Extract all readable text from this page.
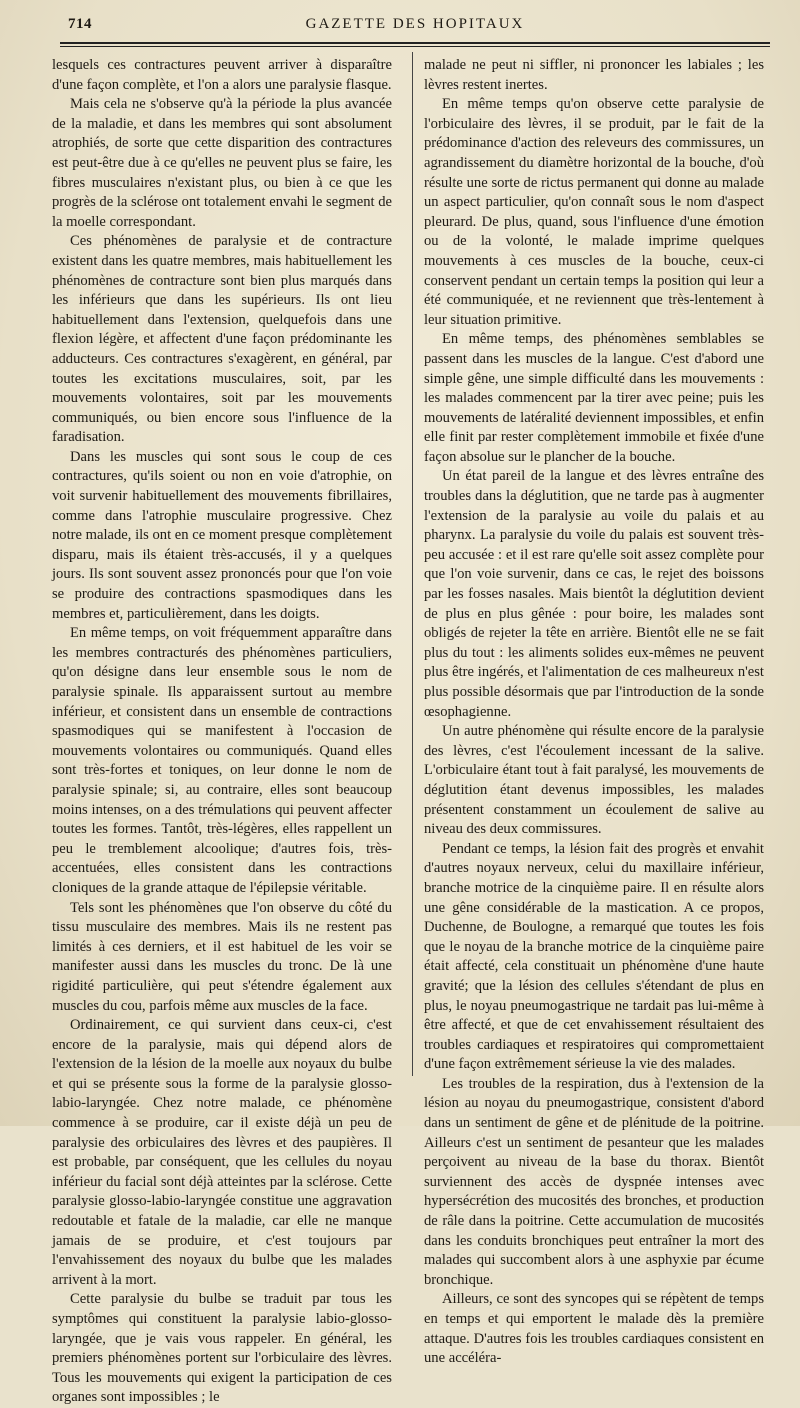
714	GAZETTE DES HOPITAUX

lesquels ces contractures peuvent arriver à disparaître d'une façon complète, et l'on a alors une paralysie flasque.

Mais cela ne s'observe qu'à la période la plus avancée de la maladie, et dans les membres qui sont absolument atrophiés, de sorte que cette disparition des contractures est peut-être due à ce qu'elles ne peuvent plus se faire, les fibres musculaires n'existant plus, ou bien à ce que les progrès de la sclérose ont totalement envahi le segment de la moelle correspondant.

Ces phénomènes de paralysie et de contracture existent dans les quatre membres, mais habituellement les phénomènes de contracture sont bien plus marqués dans les inférieurs que dans les supérieurs. Ils ont lieu habituellement dans l'extension, quelquefois dans une flexion légère, et affectent d'une façon prédominante les adducteurs. Ces contractures s'exagèrent, en général, par toutes les excitations musculaires, soit, par les mouvements volontaires, soit par les mouvements communiqués, ou bien encore sous l'influence de la faradisation.

Dans les muscles qui sont sous le coup de ces contractures, qu'ils soient ou non en voie d'atrophie, on voit survenir habituellement des mouvements fibrillaires, comme dans l'atrophie musculaire progressive. Chez notre malade, ils ont en ce moment presque complètement disparu, mais ils étaient très-accusés, il y a quelques jours. Ils sont souvent assez prononcés pour que l'on voie se produire des contractions spasmodiques dans les membres et, particulièrement, dans les doigts.

En même temps, on voit fréquemment apparaître dans les membres contracturés des phénomènes particuliers, qu'on désigne dans leur ensemble sous le nom de paralysie spinale. Ils apparaissent surtout au membre inférieur, et consistent dans un ensemble de contractions spasmodiques qui se manifestent à l'occasion de mouvements volontaires ou communiqués. Quand elles sont très-fortes et toniques, on leur donne le nom de paralysie spinale; si, au contraire, elles sont beaucoup moins intenses, on a des trémulations qui peuvent affecter toutes les formes. Tantôt, très-légères, elles rappellent un peu le tremblement alcoolique; d'autres fois, très-accentuées, elles consistent dans les contractions cloniques de la grande attaque de l'épilepsie véritable.

Tels sont les phénomènes que l'on observe du côté du tissu musculaire des membres. Mais ils ne restent pas limités à ces derniers, et il est habituel de les voir se manifester aussi dans les muscles du tronc. De là une rigidité particulière, qui peut s'étendre également aux muscles du cou, parfois même aux muscles de la face.

Ordinairement, ce qui survient dans ceux-ci, c'est encore de la paralysie, mais qui dépend alors de l'extension de la lésion de la moelle aux noyaux du bulbe et qui se présente sous la forme de la paralysie glosso-labio-laryngée. Chez notre malade, ce phénomène commence à se produire, car il existe déjà un peu de paralysie des orbiculaires des lèvres et des paupières. Il est probable, par conséquent, que les cellules du noyau inférieur du facial sont déjà atteintes par la sclérose. Cette paralysie glosso-labio-laryngée constitue une aggravation redoutable et fatale de la maladie, car elle ne manque jamais de se produire, et c'est toujours par l'envahissement des noyaux du bulbe que les malades arrivent à la mort.

Cette paralysie du bulbe se traduit par tous les symptômes qui constituent la paralysie labio-glosso-laryngée, que je vais vous rappeler. En général, les premiers phénomènes portent sur l'orbiculaire des lèvres. Tous les mouvements qui exigent la participation de ces organes sont impossibles ; le

malade ne peut ni siffler, ni prononcer les labiales ; les lèvres restent inertes.

En même temps qu'on observe cette paralysie de l'orbiculaire des lèvres, il se produit, par le fait de la prédominance d'action des releveurs des commissures, un agrandissement du diamètre horizontal de la bouche, d'où résulte une sorte de rictus permanent qui donne au malade un aspect particulier, qu'on connaît sous le nom d'aspect pleurard. De plus, quand, sous l'influence d'une émotion ou de la volonté, le malade imprime quelques mouvements à ces muscles de la bouche, ceux-ci conservent pendant un certain temps la position qui leur a été communiquée, et ne reviennent que très-lentement à leur situation primitive.

En même temps, des phénomènes semblables se passent dans les muscles de la langue. C'est d'abord une simple gêne, une simple difficulté dans les mouvements : les malades commencent par la tirer avec peine; puis les mouvements de latéralité deviennent impossibles, et enfin elle finit par rester complètement immobile et fixée d'une façon absolue sur le plancher de la bouche.

Un état pareil de la langue et des lèvres entraîne des troubles dans la déglutition, que ne tarde pas à augmenter l'extension de la paralysie au voile du palais et au pharynx. La paralysie du voile du palais est souvent très-peu accusée : et il est rare qu'elle soit assez complète pour que l'on voie survenir, dans ce cas, le rejet des boissons par les fosses nasales. Mais bientôt la déglutition devient de plus en plus gênée : pour boire, les malades sont obligés de rejeter la tête en arrière. Bientôt elle ne se fait plus du tout : les aliments solides eux-mêmes ne peuvent plus être ingérés, et l'alimentation de ces malheureux n'est plus possible désormais que par l'introduction de la sonde œsophagienne.

Un autre phénomène qui résulte encore de la paralysie des lèvres, c'est l'écoulement incessant de la salive. L'orbiculaire étant tout à fait paralysé, les mouvements de déglutition étant devenus impossibles, les malades présentent constamment un écoulement de salive au niveau des deux commissures.

Pendant ce temps, la lésion fait des progrès et envahit d'autres noyaux nerveux, celui du maxillaire inférieur, branche motrice de la cinquième paire. Il en résulte alors une gêne considérable de la mastication. A ce propos, Duchenne, de Boulogne, a remarqué que toutes les fois que le noyau de la branche motrice de la cinquième paire était affecté, cela constituait un phénomène d'une haute gravité; que la lésion des cellules s'étendant de plus en plus, le noyau pneumogastrique ne tardait pas lui-même à être affecté, et que de cet envahissement résultaient des troubles cardiaques et respiratoires qui compromettaient d'une façon extrêmement sérieuse la vie des malades.

Les troubles de la respiration, dus à l'extension de la lésion au noyau du pneumogastrique, consistent d'abord dans un sentiment de gêne et de plénitude de la poitrine. Ailleurs c'est un sentiment de pesanteur que les malades perçoivent au niveau de la base du thorax. Bientôt surviennent des accès de dyspnée intenses avec hypersécrétion des mucosités des bronches, et production de râle dans la poitrine. Cette accumulation de mucosités dans les conduits bronchiques peut entraîner la mort des malades qui succombent alors à une asphyxie par écume bronchique.

Ailleurs, ce sont des syncopes qui se répètent de temps en temps et qui emportent le malade dès la première attaque. D'autres fois les troubles cardiaques consistent en une accéléra-
